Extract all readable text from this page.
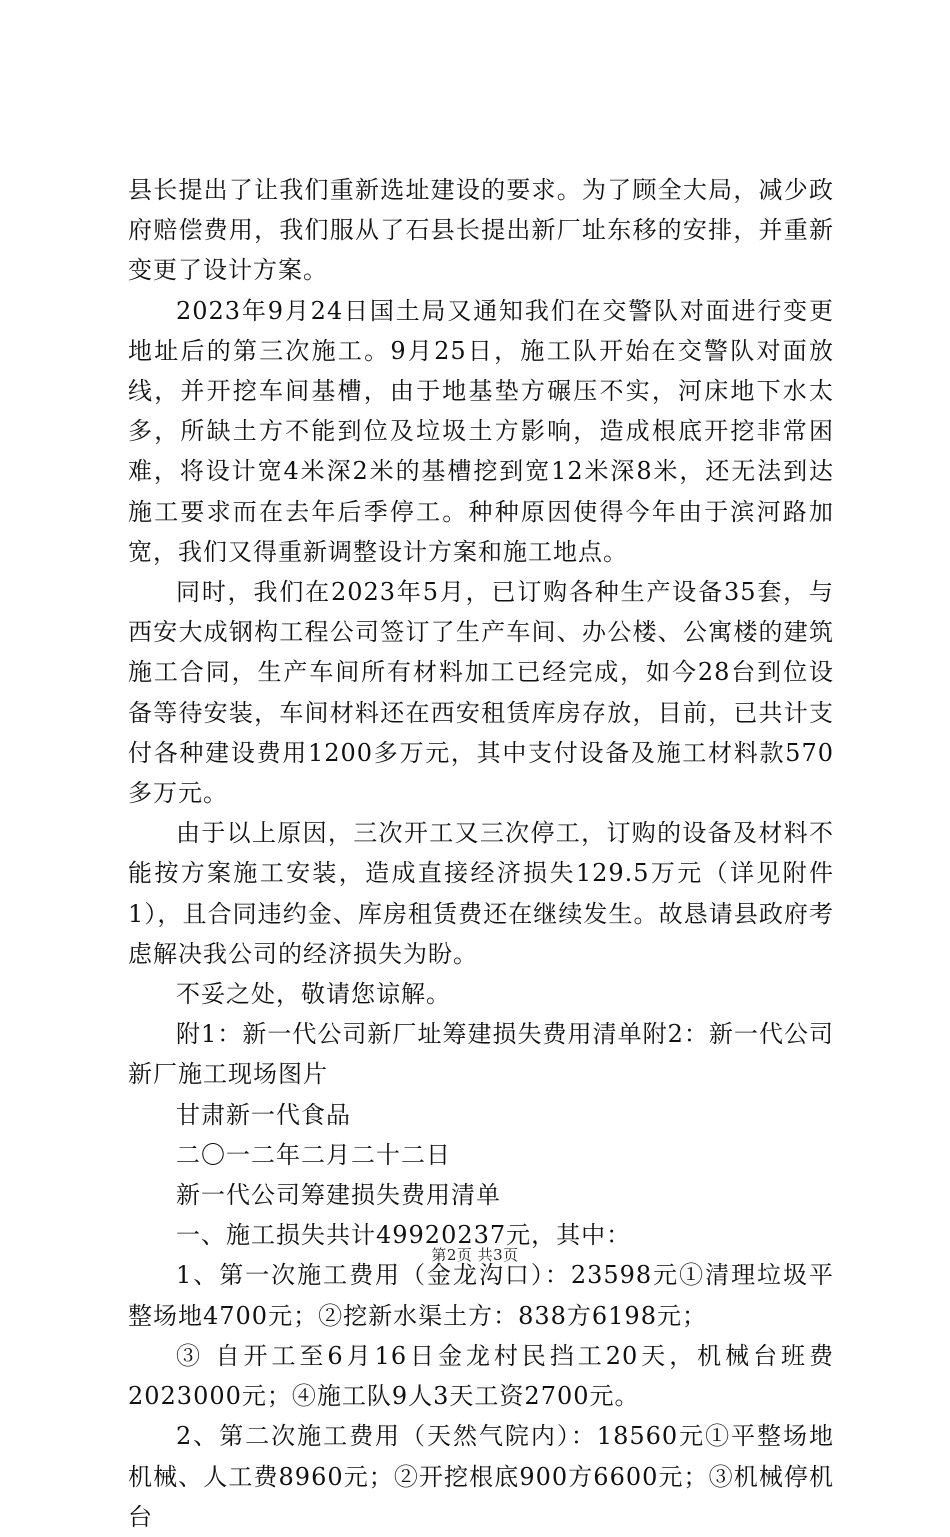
县长提出了让我们重新选址建设的要求。为了顾全大局，减少政府赔偿费用，我们服从了石县长提出新厂址东移的安排，并重新变更了设计方案。

2023年9月24日国土局又通知我们在交警队对面进行变更地址后的第三次施工。9月25日，施工队开始在交警队对面放线，并开挖车间基槽，由于地基垫方碾压不实，河床地下水太多，所缺土方不能到位及垃圾土方影响，造成根底开挖非常困难，将设计宽4米深2米的基槽挖到宽12米深8米，还无法到达施工要求而在去年后季停工。种种原因使得今年由于滨河路加宽，我们又得重新调整设计方案和施工地点。

同时，我们在2023年5月，已订购各种生产设备35套，与西安大成钢构工程公司签订了生产车间、办公楼、公寓楼的建筑施工合同，生产车间所有材料加工已经完成，如今28台到位设备等待安装，车间材料还在西安租赁库房存放，目前，已共计支付各种建设费用1200多万元，其中支付设备及施工材料款570多万元。

由于以上原因，三次开工又三次停工，订购的设备及材料不能按方案施工安装，造成直接经济损失129.5万元（详见附件1），且合同违约金、库房租赁费还在继续发生。故恳请县政府考虑解决我公司的经济损失为盼。

不妥之处，敬请您谅解。

附1：新一代公司新厂址筹建损失费用清单附2：新一代公司新厂施工现场图片

甘肃新一代食品

二〇一二年二月二十二日

新一代公司筹建损失费用清单

一、施工损失共计49920237元，其中：

1、第一次施工费用（金龙沟口）：23598元①清理垃圾平整场地4700元；②挖新水渠土方：838方6198元；

③ 自开工至6月16日金龙村民挡工20天，机械台班费2023000元；④施工队9人3天工资2700元。

2、第二次施工费用（天然气院内）：18560元①平整场地机械、人工费8960元；②开挖根底900方6600元；③机械停机台

第2页 共3页
